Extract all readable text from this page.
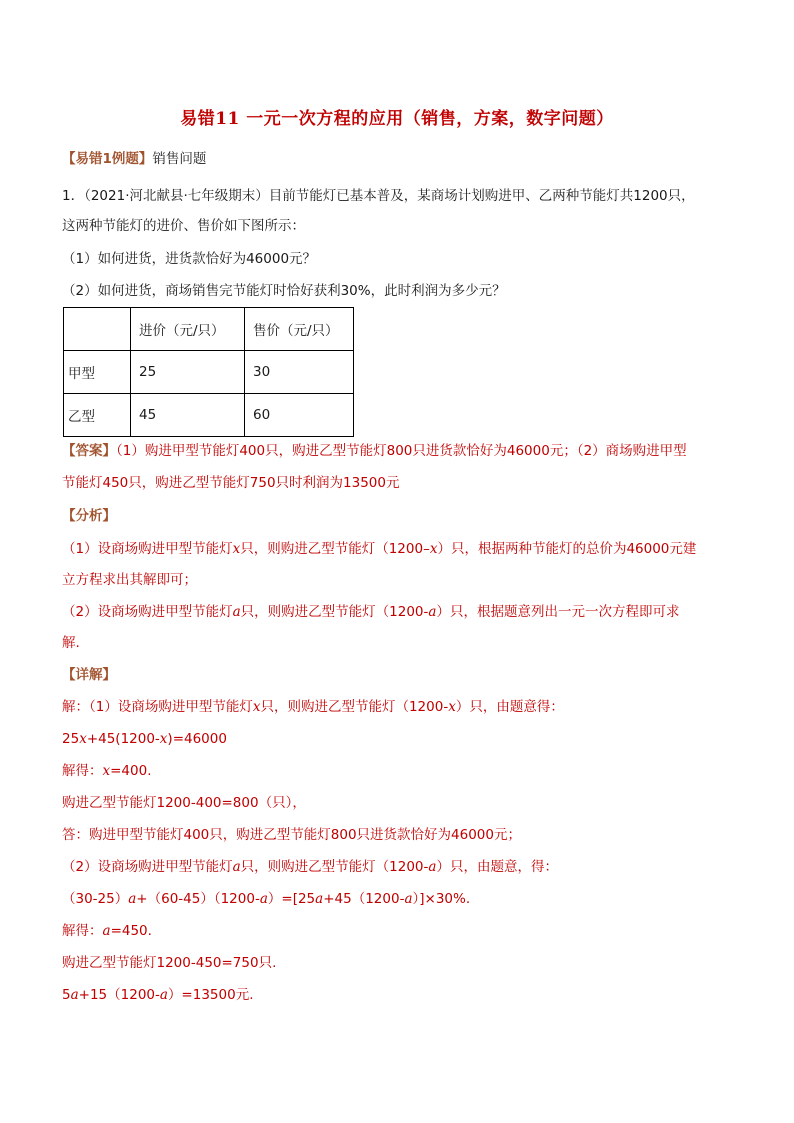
易错11 一元一次方程的应用（销售，方案，数字问题）
【易错1例题】销售问题
1．（2021·河北献县·七年级期末）目前节能灯已基本普及，某商场计划购进甲、乙两种节能灯共1200只，
这两种节能灯的进价、售价如下图所示：
（1）如何进货，进货款恰好为46000元？
（2）如何进货，商场销售完节能灯时恰好获利30%，此时利润为多少元？
	进价（元/只）	售价（元/只）
甲型	25	30
乙型	45	60
【答案】（1）购进甲型节能灯400只，购进乙型节能灯800只进货款恰好为46000元；（2）商场购进甲型
节能灯450只，购进乙型节能灯750只时利润为13500元
【分析】
（1）设商场购进甲型节能灯x只，则购进乙型节能灯（1200–x）只，根据两种节能灯的总价为46000元建
立方程求出其解即可；
（2）设商场购进甲型节能灯a只，则购进乙型节能灯（1200-a）只，根据题意列出一元一次方程即可求
解.
【详解】
解：（1）设商场购进甲型节能灯x只，则购进乙型节能灯（1200-x）只，由题意得：
25x+45(1200-x)=46000
解得：x=400.
购进乙型节能灯1200-400=800（只），
答：购进甲型节能灯400只，购进乙型节能灯800只进货款恰好为46000元；
（2）设商场购进甲型节能灯a只，则购进乙型节能灯（1200-a）只，由题意，得：
（30-25）a+（60-45）（1200-a）=[25a+45（1200-a）]×30%.
解得：a=450.
购进乙型节能灯1200-450=750只.
5a+15（1200-a）=13500元.
